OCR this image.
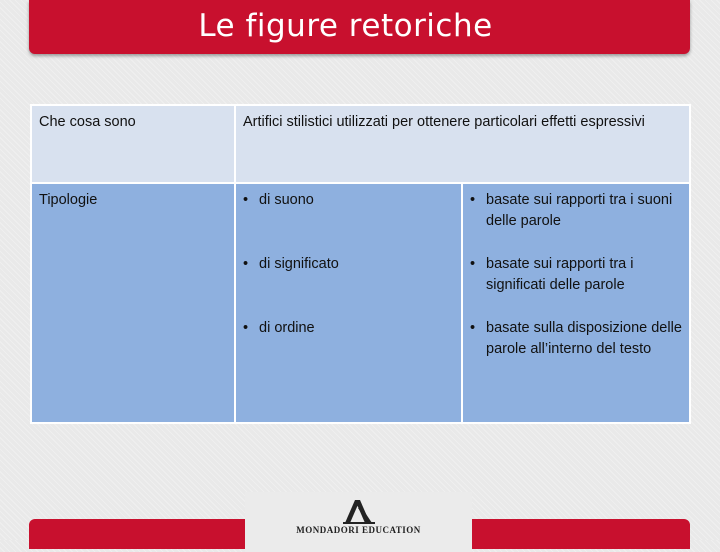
Le figure retoriche
Che cosa sono	Artifici stilistici utilizzati per ottenere particolari effetti espressivi
Tipologie	• di suono
• di significato
• di ordine
• basate sui rapporti tra i suoni delle parole
• basate sui rapporti tra i significati delle parole
• basate sulla disposizione delle parole all’interno del testo
MONDADORI EDUCATION
